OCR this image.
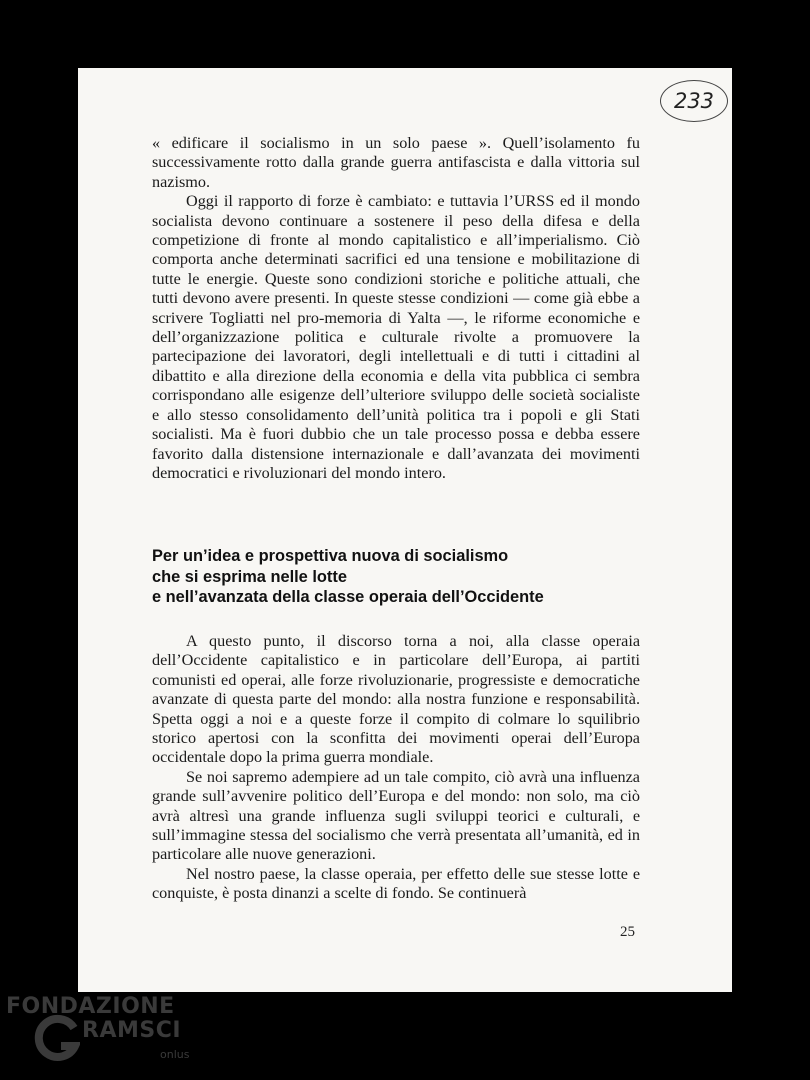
233

« edificare il socialismo in un solo paese ». Quell’isolamento fu successivamente rotto dalla grande guerra antifascista e dalla vittoria sul nazismo.

Oggi il rapporto di forze è cambiato: e tuttavia l’URSS ed il mondo socialista devono continuare a sostenere il peso della difesa e della competizione di fronte al mondo capitalistico e all’imperialismo. Ciò comporta anche determinati sacrifici ed una tensione e mobilitazione di tutte le energie. Queste sono condizioni storiche e politiche attuali, che tutti devono avere presenti. In queste stesse condizioni — come già ebbe a scrivere Togliatti nel pro-memoria di Yalta —, le riforme economiche e dell’organizzazione politica e culturale rivolte a promuovere la partecipazione dei lavoratori, degli intellettuali e di tutti i cittadini al dibattito e alla direzione della economia e della vita pubblica ci sembra corrispondano alle esigenze dell’ulteriore sviluppo delle società socialiste e allo stesso consolidamento dell’unità politica tra i popoli e gli Stati socialisti. Ma è fuori dubbio che un tale processo possa e debba essere favorito dalla distensione internazionale e dall’avanzata dei movimenti democratici e rivoluzionari del mondo intero.

Per un’idea e prospettiva nuova di socialismo
che si esprima nelle lotte
e nell’avanzata della classe operaia dell’Occidente

A questo punto, il discorso torna a noi, alla classe operaia dell’Occidente capitalistico e in particolare dell’Europa, ai partiti comunisti ed operai, alle forze rivoluzionarie, progressiste e democratiche avanzate di questa parte del mondo: alla nostra funzione e responsabilità. Spetta oggi a noi e a queste forze il compito di colmare lo squilibrio storico apertosi con la sconfitta dei movimenti operai dell’Europa occidentale dopo la prima guerra mondiale.

Se noi sapremo adempiere ad un tale compito, ciò avrà una influenza grande sull’avvenire politico dell’Europa e del mondo: non solo, ma ciò avrà altresì una grande influenza sugli sviluppi teorici e culturali, e sull’immagine stessa del socialismo che verrà presentata all’umanità, ed in particolare alle nuove generazioni.

Nel nostro paese, la classe operaia, per effetto delle sue stesse lotte e conquiste, è posta dinanzi a scelte di fondo. Se continuerà

25
FONDAZIONE
RAMSCI
onlus
